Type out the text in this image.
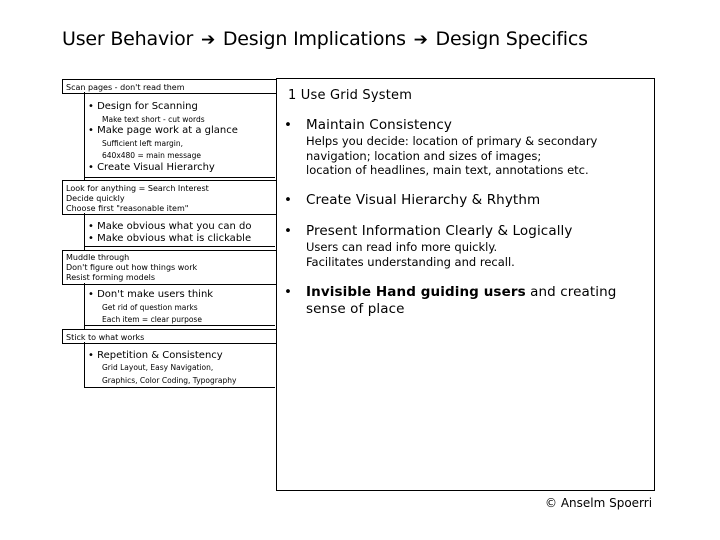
User Behavior ➔ Design Implications ➔ Design Specifics
Scan pages - don't read them
• Design for Scanning
Make text short - cut words
• Make page work at a glance
Sufficient left margin,
640x480 = main message
• Create Visual Hierarchy
Look for anything = Search Interest
Decide quickly
Choose first "reasonable item"
• Make obvious what you can do
• Make obvious what is clickable
Muddle through
Don't figure out how things work
Resist forming models
• Don't make users think
Get rid of question marks
Each item = clear purpose
Stick to what works
• Repetition & Consistency
Grid Layout, Easy Navigation,
Graphics, Color Coding, Typography
1 Use Grid System
• Maintain Consistency
Helps you decide: location of primary & secondary
navigation; location and sizes of images;
location of headlines, main text, annotations etc.
• Create Visual Hierarchy & Rhythm
• Present Information Clearly & Logically
Users can read info more quickly.
Facilitates understanding and recall.
• Invisible Hand guiding users and creating
sense of place
© Anselm Spoerri
